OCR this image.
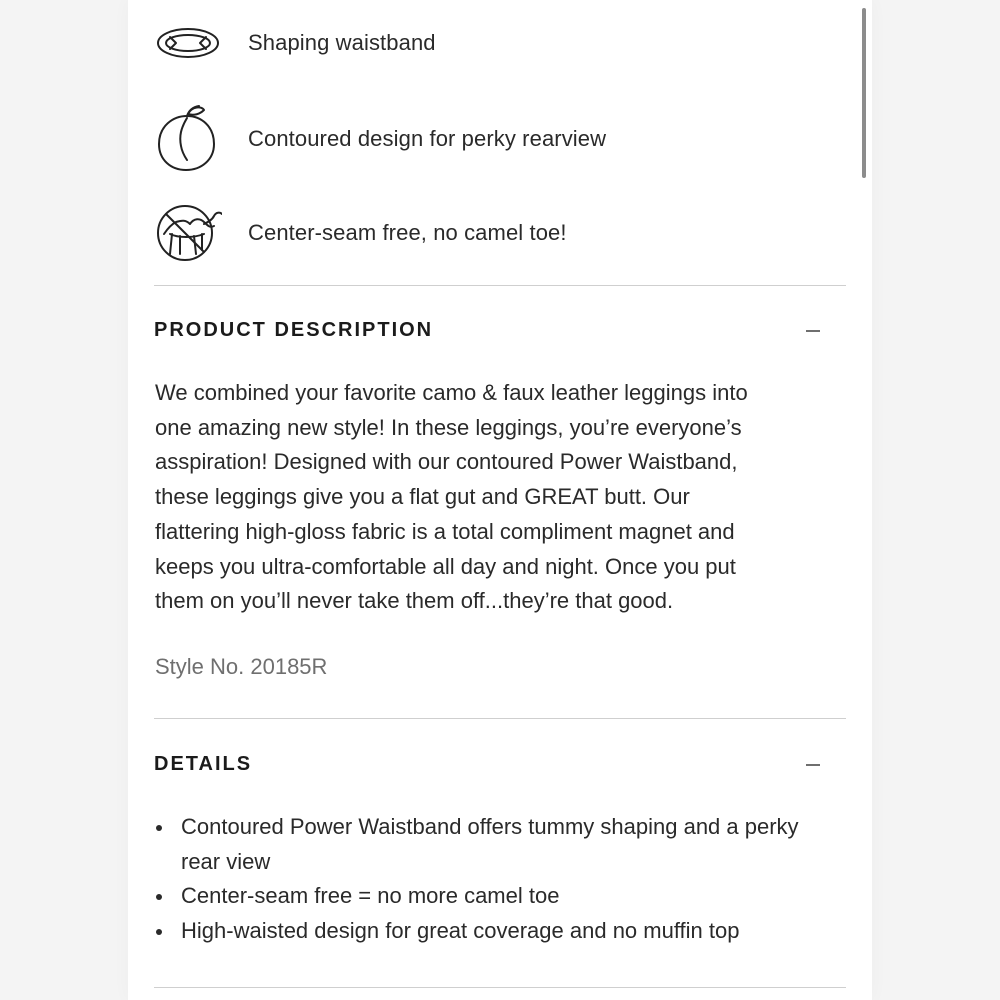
Shaping waistband
Contoured design for perky rearview
Center-seam free, no camel toe!
PRODUCT DESCRIPTION
We combined your favorite camo & faux leather leggings into
one amazing new style! In these leggings, you’re everyone’s
asspiration! Designed with our contoured Power Waistband,
these leggings give you a flat gut and GREAT butt. Our
flattering high-gloss fabric is a total compliment magnet and
keeps you ultra-comfortable all day and night. Once you put
them on you’ll never take them off...they’re that good.
Style No. 20185R
DETAILS
Contoured Power Waistband offers tummy shaping and a perky rear view
Center-seam free = no more camel toe
High-waisted design for great coverage and no muffin top
